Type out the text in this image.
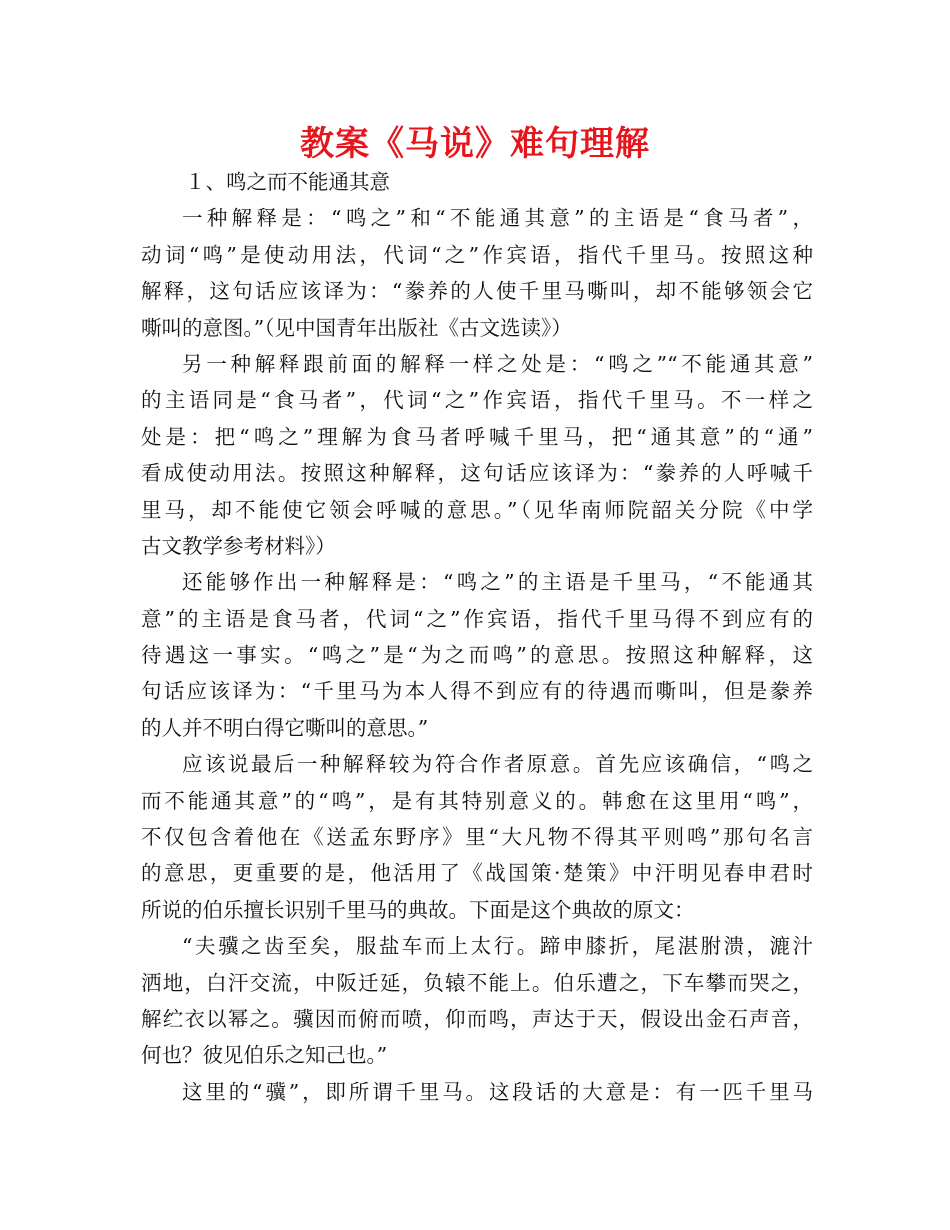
教案《马说》难句理解
１、鸣之而不能通其意
一种解释是：“鸣之”和“不能通其意”的主语是“食马者”，
动词“鸣”是使动用法，代词“之”作宾语，指代千里马。按照这种
解释，这句话应该译为：“豢养的人使千里马嘶叫，却不能够领会它
嘶叫的意图。”（见中国青年出版社《古文选读》）
另一种解释跟前面的解释一样之处是：“鸣之”“不能通其意”
的主语同是“食马者”，代词“之”作宾语，指代千里马。不一样之
处是：把“鸣之”理解为食马者呼喊千里马，把“通其意”的“通”
看成使动用法。按照这种解释，这句话应该译为：“豢养的人呼喊千
里马，却不能使它领会呼喊的意思。”（见华南师院韶关分院《中学
古文教学参考材料》）
还能够作出一种解释是：“鸣之”的主语是千里马，“不能通其
意”的主语是食马者，代词“之”作宾语，指代千里马得不到应有的
待遇这一事实。“鸣之”是“为之而鸣”的意思。按照这种解释，这
句话应该译为：“千里马为本人得不到应有的待遇而嘶叫，但是豢养
的人并不明白得它嘶叫的意思。”
应该说最后一种解释较为符合作者原意。首先应该确信，“鸣之
而不能通其意”的“鸣”，是有其特别意义的。韩愈在这里用“鸣”，
不仅包含着他在《送孟东野序》里“大凡物不得其平则鸣”那句名言
的意思，更重要的是，他活用了《战国策·楚策》中汗明见春申君时
所说的伯乐擅长识别千里马的典故。下面是这个典故的原文：
“夫骥之齿至矣，服盐车而上太行。蹄申膝折，尾湛胕溃，漉汁
洒地，白汗交流，中阪迁延，负辕不能上。伯乐遭之，下车攀而哭之，
解纻衣以幂之。骥因而俯而喷，仰而鸣，声达于天，假设出金石声音，
何也？彼见伯乐之知己也。”
这里的“骥”，即所谓千里马。这段话的大意是：有一匹千里马
